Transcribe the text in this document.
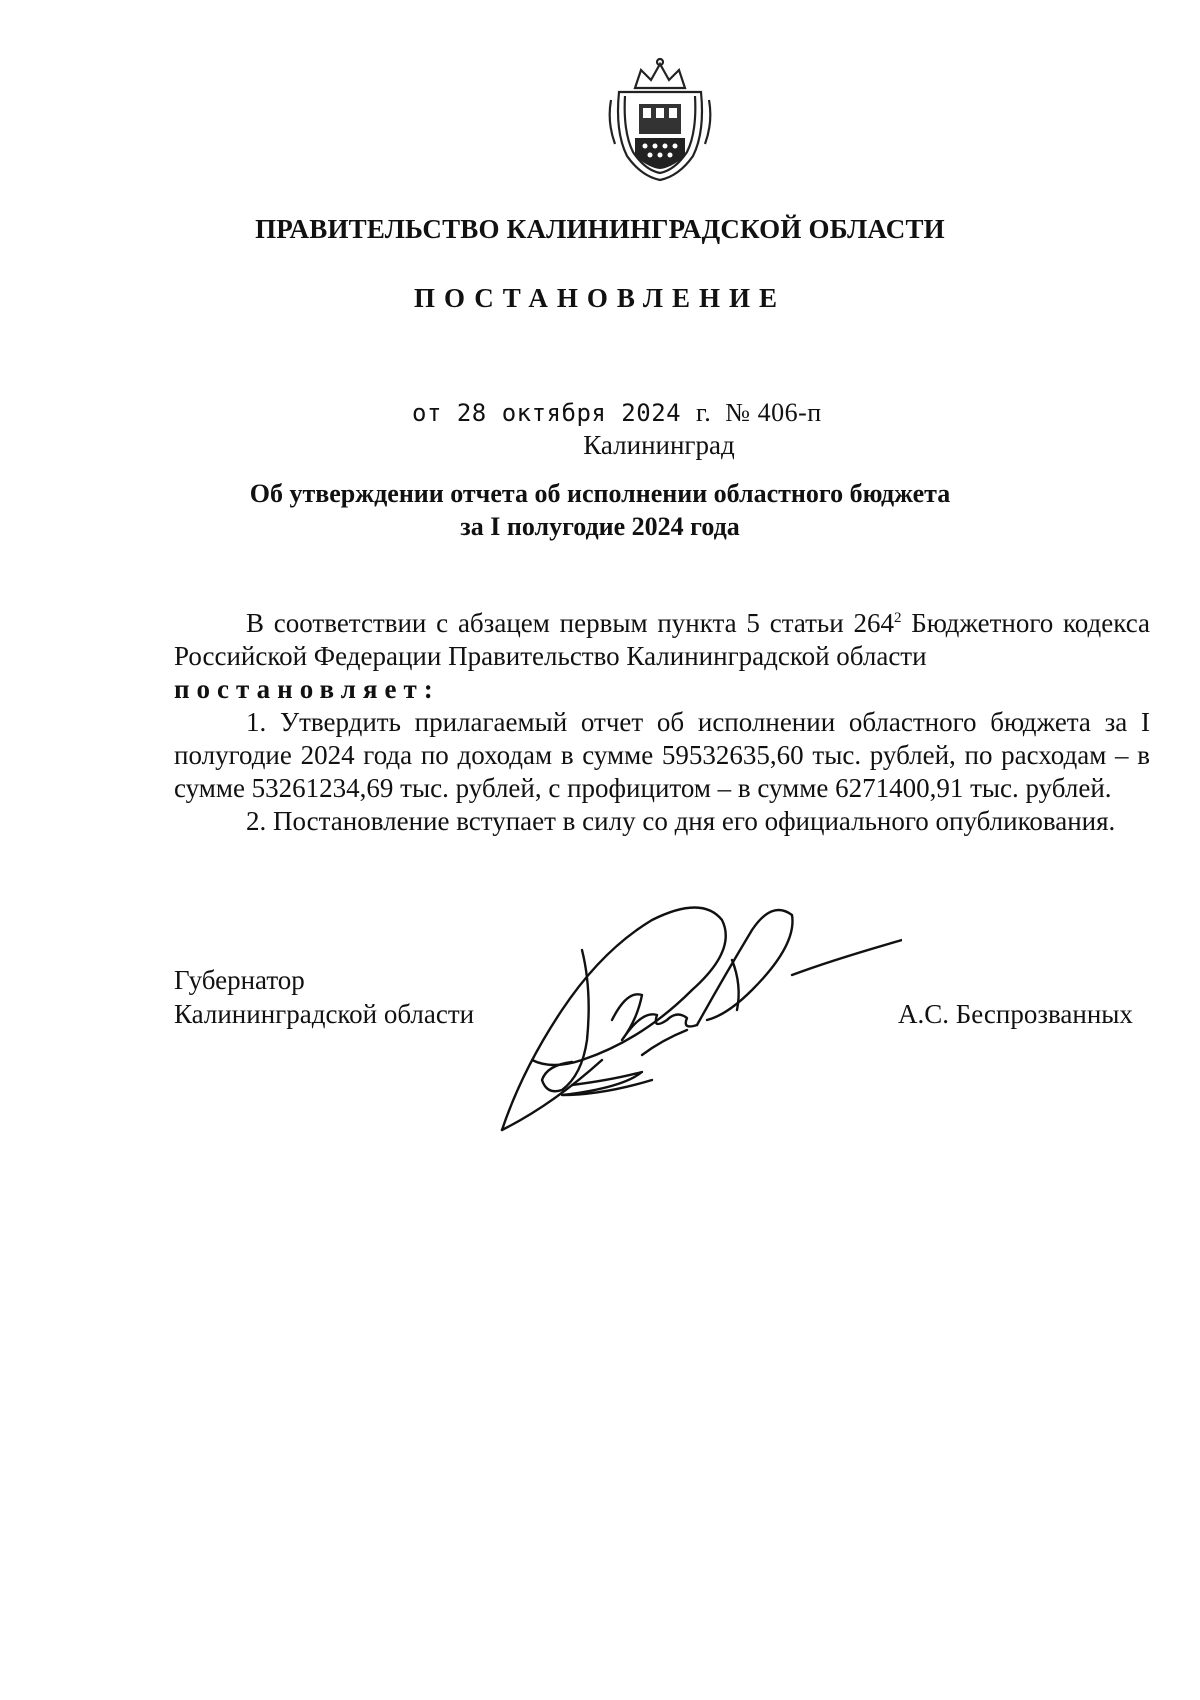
ПРАВИТЕЛЬСТВО КАЛИНИНГРАДСКОЙ ОБЛАСТИ
ПОСТАНОВЛЕНИЕ
от 28 октября 2024 г. № 406-п
Калининград
Об утверждении отчета об исполнении областного бюджета
за I полугодие 2024 года

В соответствии с абзацем первым пункта 5 статьи $264^2$ Бюджетного кодекса Российской Федерации Правительство Калининградской области

постановляет:

1. Утвердить прилагаемый отчет об исполнении областного бюджета за I полугодие 2024 года по доходам в сумме 59532635,60 тыс. рублей, по расходам – в сумме 53261234,69 тыс. рублей, с профицитом – в сумме 6271400,91 тыс. рублей.

2. Постановление вступает в силу со дня его официального опубликования.

Губернатор
Калининградской области	А.С. Беспрозванных
